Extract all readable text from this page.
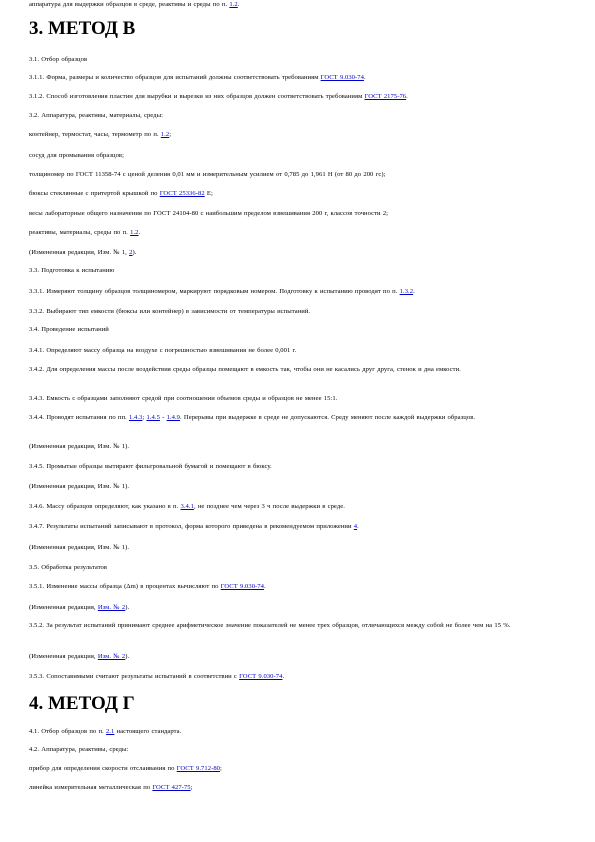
3. МЕТОД В
3.1. Отбор образцов
3.1.1. Форма, размеры и количество образцов для испытаний должны соответствовать требованиям ГОСТ 9.030-74.
3.1.2. Способ изготовления пластин для вырубки и вырезки из них образцов должен соответствовать требованиям ГОСТ 2175-76.
3.2. Аппаратура, реактивы, материалы, среды:
контейнер, термостат, часы, термометр по п. 1.2;
сосуд для промывания образцов;
толщиномер по ГОСТ 11358-74 с ценой деления 0,01 мм и измерительным усилием от 0,785 до 1,961 Н (от 80 до 200 гс);
бюксы стеклянные с притертой крышкой по ГОСТ 25336-82 Е;
весы лабораторные общего назначения по ГОСТ 24104-80 с наибольшим пределом взвешивания 200 г, классов точности 2;
реактивы, материалы, среды по п. 1.2.
(Измененная редакция, Изм. № 1, 2).
3.3. Подготовка к испытанию
3.3.1. Измеряют толщину образцов толщиномером, маркируют порядковым номером. Подготовку к испытанию проводят по п. 1.3.2.
3.3.2. Выбирают тип емкости (бюксы или контейнер) в зависимости от температуры испытаний.
3.4. Проведение испытаний
3.4.1. Определяют массу образца на воздухе с погрешностью взвешивания не более 0,001 г.
3.4.2. Для определения массы после воздействия среды образцы помещают в емкость так, чтобы они не касались друг друга, стенок и дна емкости.
3.4.3. Емкость с образцами заполняют средой при соотношении объемов среды и образцов не менее 15:1.
3.4.4. Проводят испытания по пп. 1.4.3; 1.4.5 - 1.4.9. Перерывы при выдержке в среде не допускаются. Среду меняют после каждой выдержки образцов.
(Измененная редакция, Изм. № 1).
3.4.5. Промытые образцы вытирают фильтровальной бумагой и помещают в бюксу.
(Измененная редакция, Изм. № 1).
3.4.6. Массу образцов определяют, как указано в п. 3.4.1, не позднее чем через 3 ч после выдержки в среде.
3.4.7. Результаты испытаний записывают в протокол, форма которого приведена в рекомендуемом приложении 4.
(Измененная редакция, Изм. № 1).
3.5. Обработка результатов
3.5.1. Изменение массы образца (Δm) в процентах вычисляют по ГОСТ 9.030-74.
(Измененная редакция, Изм. № 2).
3.5.2. За результат испытаний принимают среднее арифметическое значение показателей не менее трех образцов, отличающихся между собой не более чем на 15 %.
(Измененная редакция, Изм. № 2).
3.5.3. Сопоставимыми считают результаты испытаний в соответствии с ГОСТ 9.030-74.
4. МЕТОД Г
4.1. Отбор образцов по п. 2.1 настоящего стандарта.
4.2. Аппаратура, реактивы, среды:
прибор для определения скорости отслаивания по ГОСТ 9.712-80;
линейка измерительная металлическая по ГОСТ 427-75;
аппаратура для выдержки образцов в среде, реактивы и среды по п. 1.2.
